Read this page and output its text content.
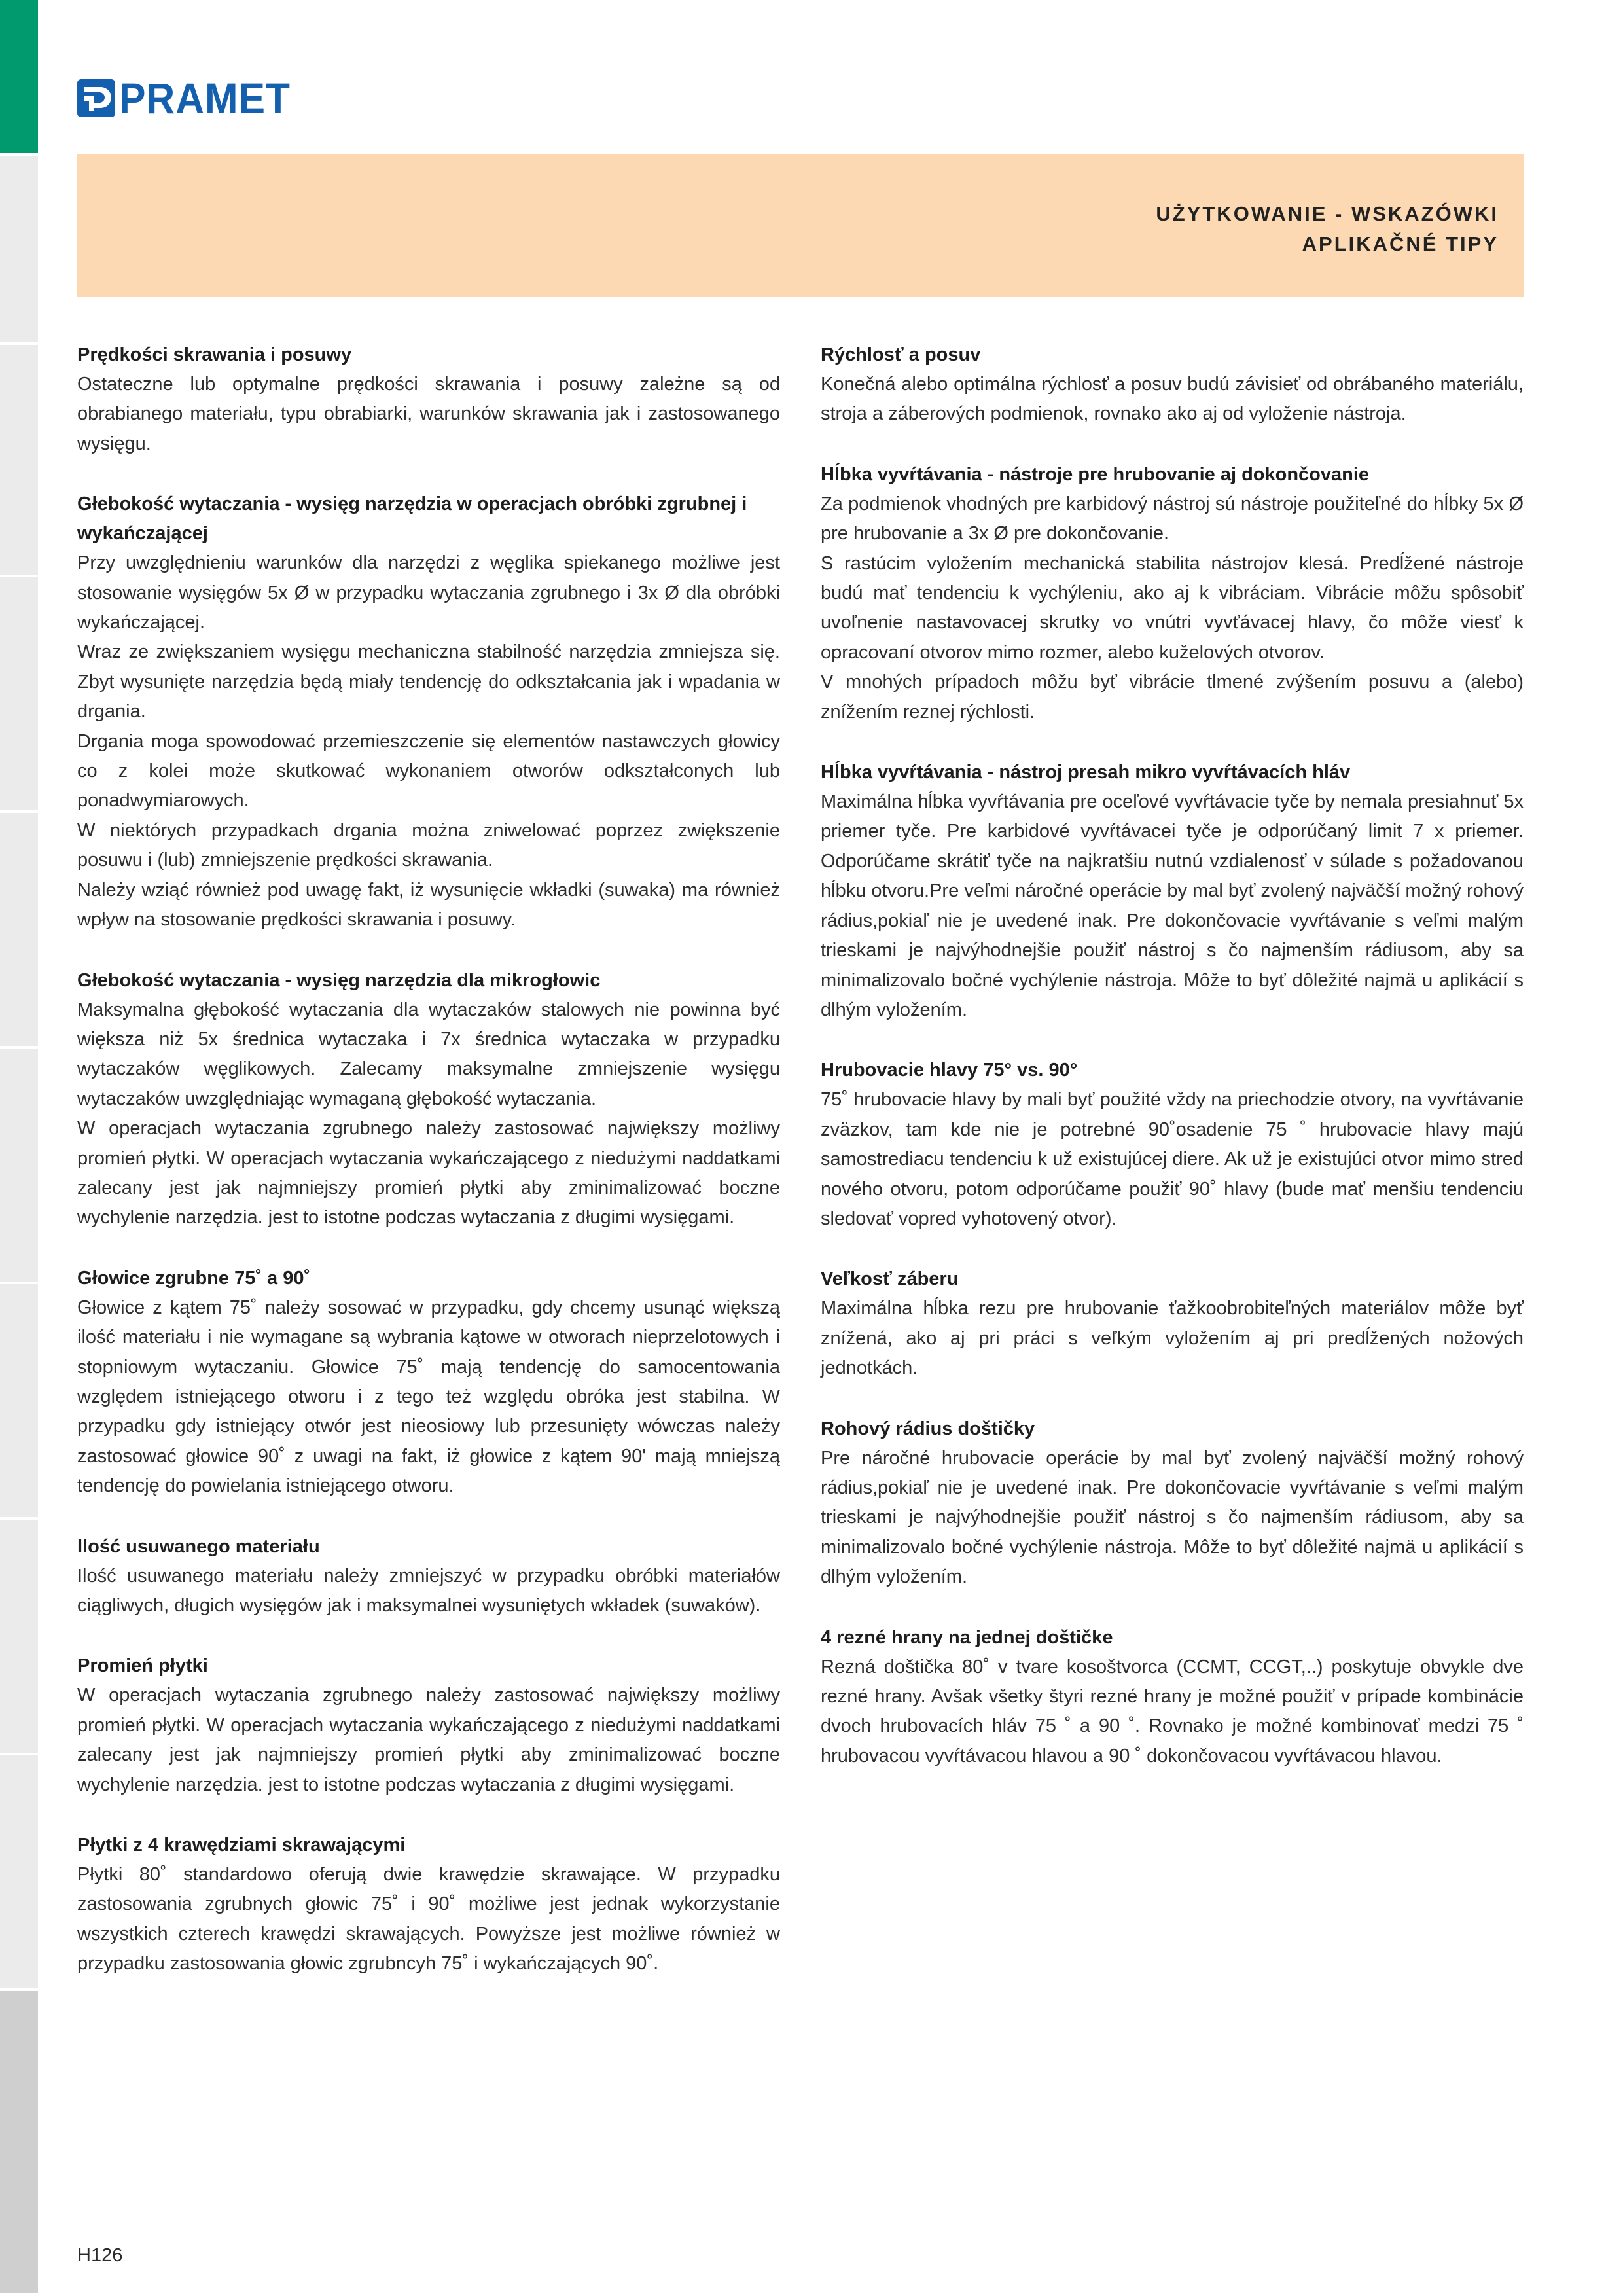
PRAMET
UŻYTKOWANIE - WSKAZÓWKI
APLIKAČNÉ TIPY
Prędkości skrawania i posuwy

Ostateczne lub optymalne prędkości skrawania i posuwy zależne są od obrabianego materiału, typu obrabiarki, warunków skrawania jak i zastosowanego wysięgu.

Głebokość wytaczania - wysięg narzędzia w operacjach obróbki zgrubnej i wykańczającej

Przy uwzględnieniu warunków dla narzędzi z węglika spiekanego możliwe jest stosowanie wysięgów 5x Ø w przypadku wytaczania zgrubnego i 3x Ø dla obróbki wykańczającej.

Wraz ze zwiększaniem wysięgu mechaniczna stabilność narzędzia zmniejsza się. Zbyt wysunięte narzędzia będą miały tendencję do odkształcania jak i wpadania w drgania.

Drgania moga spowodować przemieszczenie się elementów nastawczych głowicy co z kolei może skutkować wykonaniem otworów odkształconych lub ponadwymiarowych.

W niektórych przypadkach drgania można zniwelować poprzez zwiększenie posuwu i (lub) zmniejszenie prędkości skrawania.

Należy wziąć również pod uwagę fakt, iż wysunięcie wkładki (suwaka) ma również wpływ na stosowanie prędkości skrawania i posuwy.

Głebokość wytaczania - wysięg narzędzia dla mikrogłowic

Maksymalna głębokość wytaczania dla wytaczaków stalowych nie powinna być większa niż 5x średnica wytaczaka i 7x średnica wytaczaka w przypadku wytaczaków węglikowych. Zalecamy maksymalne zmniejszenie wysięgu wytaczaków uwzględniając wymaganą głębokość wytaczania.

W operacjach wytaczania zgrubnego należy zastosować największy możliwy promień płytki. W operacjach wytaczania wykańczającego z niedużymi naddatkami zalecany jest jak najmniejszy promień płytki aby zminimalizować boczne wychylenie narzędzia. jest to istotne podczas wytaczania z długimi wysięgami.

Głowice zgrubne 75˚ a 90˚

Głowice z kątem 75˚ należy sosować w przypadku, gdy chcemy usunąć większą ilość materiału i nie wymagane są wybrania kątowe w otworach nieprzelotowych i stopniowym wytaczaniu. Głowice 75˚ mają tendencję do samocentowania względem istniejącego otworu i z tego też względu obróka jest stabilna. W przypadku gdy istniejący otwór jest nieosiowy lub przesunięty wówczas należy zastosować głowice 90˚ z uwagi na fakt, iż głowice z kątem 90' mają mniejszą tendencję do powielania istniejącego otworu.

Ilość usuwanego materiału

Ilość usuwanego materiału należy zmniejszyć w przypadku obróbki materiałów ciągliwych, długich wysięgów jak i maksymalnei wysuniętych wkładek (suwaków).

Promień płytki

W operacjach wytaczania zgrubnego należy zastosować największy możliwy promień płytki. W operacjach wytaczania wykańczającego z niedużymi naddatkami zalecany jest jak najmniejszy promień płytki aby zminimalizować boczne wychylenie narzędzia. jest to istotne podczas wytaczania z długimi wysięgami.

Płytki z 4 krawędziami skrawającymi

Płytki 80˚ standardowo oferują dwie krawędzie skrawające. W przypadku zastosowania zgrubnych głowic 75˚ i 90˚ możliwe jest jednak wykorzystanie wszystkich czterech krawędzi skrawających. Powyższe jest możliwe również w przypadku zastosowania głowic zgrubncyh 75˚ i wykańczających 90˚.

Rýchlosť a posuv

Konečná alebo optimálna rýchlosť a posuv budú závisieť od obrábaného materiálu, stroja a záberových podmienok, rovnako ako aj od vyloženie nástroja.

Hĺbka vyvŕtávania - nástroje pre hrubovanie aj dokončovanie

Za podmienok vhodných pre karbidový nástroj sú nástroje použiteľné do hĺbky 5x Ø pre hrubovanie a 3x Ø pre dokončovanie.

S rastúcim vyložením mechanická stabilita nástrojov klesá. Predĺžené nástroje budú mať tendenciu k vychýleniu, ako aj k vibráciam. Vibrácie môžu spôsobiť uvoľnenie nastavovacej skrutky vo vnútri vyvťávacej hlavy, čo môže viesť k opracovaní otvorov mimo rozmer, alebo kuželových otvorov.

V mnohých prípadoch môžu byť vibrácie tlmené zvýšením posuvu a (alebo) znížením reznej rýchlosti.

Hĺbka vyvŕtávania - nástroj presah mikro vyvŕtávacích hláv

Maximálna hĺbka vyvŕtávania pre oceľové vyvŕtávacie tyče by nemala presiahnuť 5x priemer tyče. Pre karbidové vyvŕtávacei tyče je odporúčaný limit 7 x priemer. Odporúčame skrátiť tyče na najkratšiu nutnú vzdialenosť v súlade s požadovanou hĺbku otvoru.Pre veľmi náročné operácie by mal byť zvolený najväčší možný rohový rádius,pokiaľ nie je uvedené inak. Pre dokončovacie vyvŕtávanie s veľmi malým trieskami je najvýhodnejšie použiť nástroj s čo najmenším rádiusom, aby sa minimalizovalo bočné vychýlenie nástroja. Môže to byť dôležité najmä u aplikácií s dlhým vyložením.

Hrubovacie hlavy 75° vs. 90°

75˚ hrubovacie hlavy by mali byť použité vždy na priechodzie otvory, na vyvŕtávanie zväzkov, tam kde nie je potrebné 90˚osadenie 75 ˚ hrubovacie hlavy majú samostrediacu tendenciu k už existujúcej diere. Ak už je existujúci otvor mimo stred nového otvoru, potom odporúčame použiť 90˚ hlavy (bude mať menšiu tendenciu sledovať vopred vyhotovený otvor).

Veľkosť záberu

Maximálna hĺbka rezu pre hrubovanie ťažkoobrobiteľných materiálov môže byť znížená, ako aj pri práci s veľkým vyložením aj pri predĺžených nožových jednotkách.

Rohový rádius doštičky

Pre náročné hrubovacie operácie by mal byť zvolený najväčší možný rohový rádius,pokiaľ nie je uvedené inak. Pre dokončovacie vyvŕtávanie s veľmi malým trieskami je najvýhodnejšie použiť nástroj s čo najmenším rádiusom, aby sa minimalizovalo bočné vychýlenie nástroja. Môže to byť dôležité najmä u aplikácií s dlhým vyložením.

4 rezné hrany na jednej doštičke

Rezná doštička 80˚ v tvare kosoštvorca (CCMT, CCGT,..) poskytuje obvykle dve rezné hrany. Avšak všetky štyri rezné hrany je možné použiť v prípade kombinácie dvoch hrubovacích hláv 75 ˚ a 90 ˚. Rovnako je možné kombinovať medzi 75 ˚ hrubovacou vyvŕtávacou hlavou a 90 ˚ dokončovacou vyvŕtávacou hlavou.

H126
